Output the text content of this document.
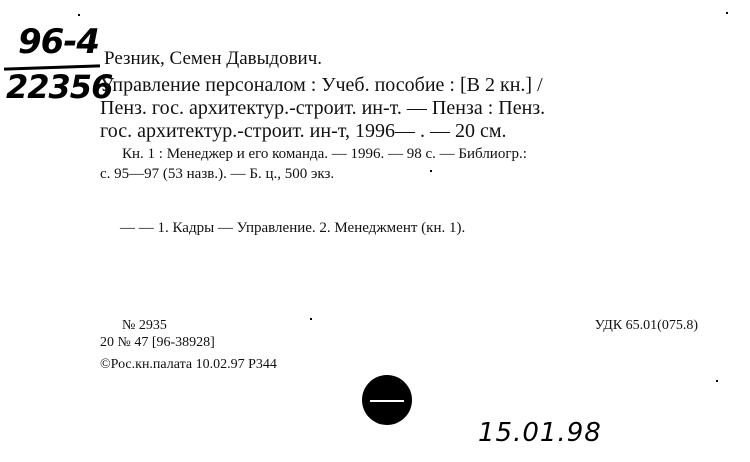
96-4
22356
Резник, Семен Давыдович.
Управление персоналом : Учеб. пособие : [В 2 кн.] /
Пенз. гос. архитектур.-строит. ин-т. — Пенза : Пенз.
гос. архитектур.-строит. ин-т, 1996— . — 20 см.
Кн. 1 : Менеджер и его команда. — 1996. — 98 с. — Библиогр.:
с. 95—97 (53 назв.). — Б. ц., 500 экз.
— — 1. Кадры — Управление. 2. Менеджмент (кн. 1).
№ 2935
20 № 47 [96-38928]
©Рос.кн.палата 10.02.97 Р344
УДК 65.01(075.8)
15.01.98
